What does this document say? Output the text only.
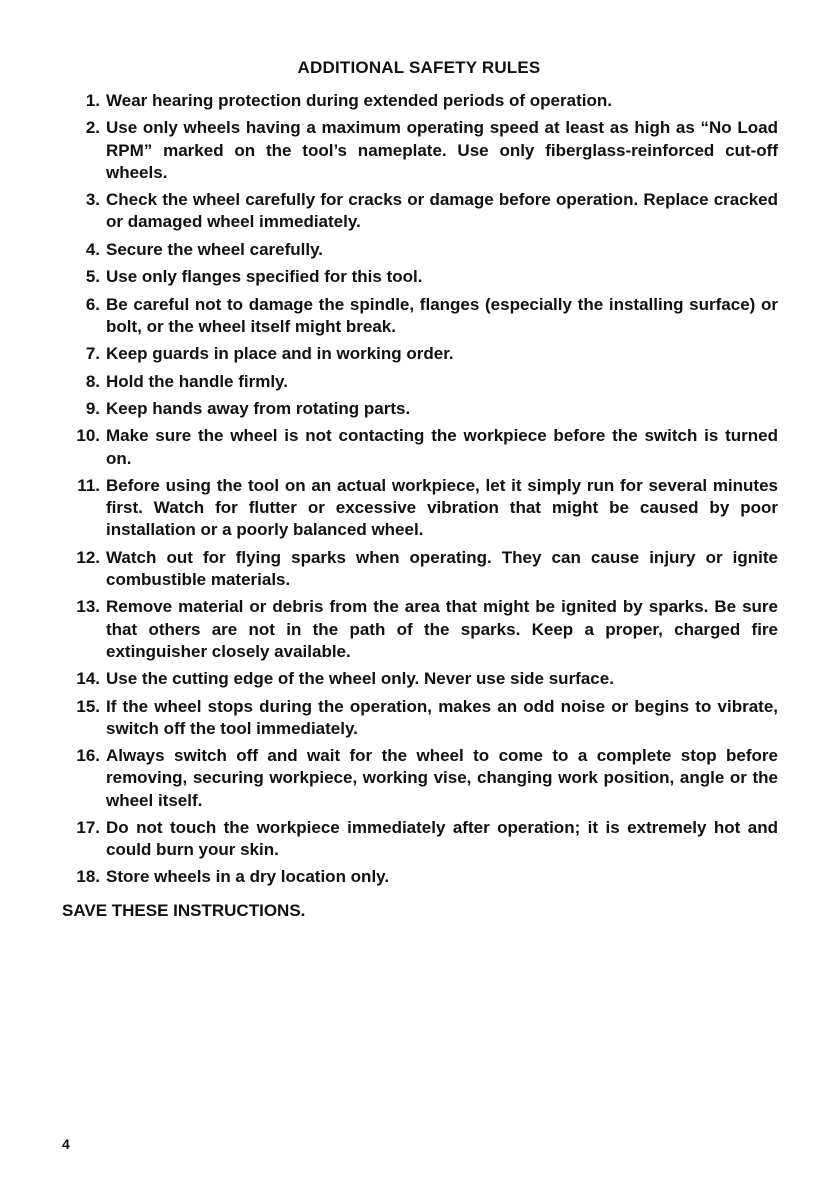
ADDITIONAL SAFETY RULES
1. Wear hearing protection during extended periods of operation.
2. Use only wheels having a maximum operating speed at least as high as “No Load RPM” marked on the tool’s nameplate. Use only fiberglass-reinforced cut-off wheels.
3. Check the wheel carefully for cracks or damage before operation. Replace cracked or damaged wheel immediately.
4. Secure the wheel carefully.
5. Use only flanges specified for this tool.
6. Be careful not to damage the spindle, flanges (especially the installing surface) or bolt, or the wheel itself might break.
7. Keep guards in place and in working order.
8. Hold the handle firmly.
9. Keep hands away from rotating parts.
10. Make sure the wheel is not contacting the workpiece before the switch is turned on.
11. Before using the tool on an actual workpiece, let it simply run for several minutes first. Watch for flutter or excessive vibration that might be caused by poor installation or a poorly balanced wheel.
12. Watch out for flying sparks when operating. They can cause injury or ignite combustible materials.
13. Remove material or debris from the area that might be ignited by sparks. Be sure that others are not in the path of the sparks. Keep a proper, charged fire extinguisher closely available.
14. Use the cutting edge of the wheel only. Never use side surface.
15. If the wheel stops during the operation, makes an odd noise or begins to vibrate, switch off the tool immediately.
16. Always switch off and wait for the wheel to come to a complete stop before removing, securing workpiece, working vise, changing work position, angle or the wheel itself.
17. Do not touch the workpiece immediately after operation; it is extremely hot and could burn your skin.
18. Store wheels in a dry location only.
SAVE THESE INSTRUCTIONS.
4
